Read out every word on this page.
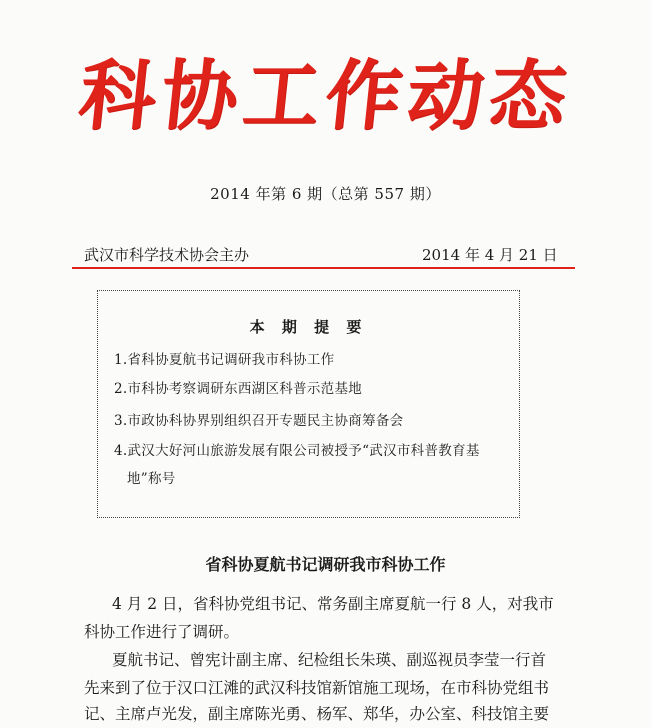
科协工作动态
2014 年第 6 期（总第 557 期）
武汉市科学技术协会主办	2014 年 4 月 21 日
本 期 提 要
1.省科协夏航书记调研我市科协工作
2.市科协考察调研东西湖区科普示范基地
3.市政协科协界别组织召开专题民主协商筹备会
4.武汉大好河山旅游发展有限公司被授予“武汉市科普教育基
地”称号
省科协夏航书记调研我市科协工作
4 月 2 日，省科协党组书记、常务副主席夏航一行 8 人，对我市
科协工作进行了调研。
夏航书记、曾宪计副主席、纪检组长朱瑛、副巡视员李莹一行首
先来到了位于汉口江滩的武汉科技馆新馆施工现场，在市科协党组书
记、主席卢光发，副主席陈光勇、杨军、郑华，办公室、科技馆主要
